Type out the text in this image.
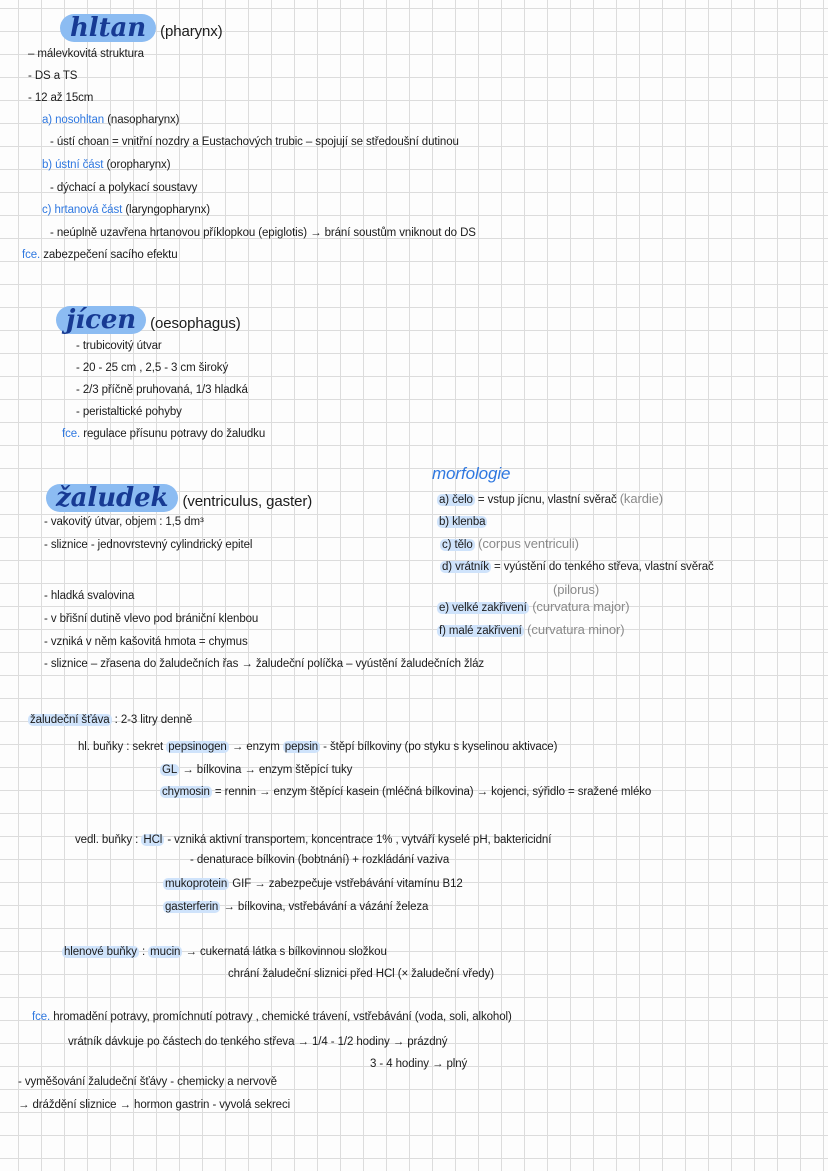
hltan (pharynx)
– málevkovitá struktura
- DS a TS
- 12 až 15cm
a) nosohltan (nasopharynx)
- ústí choan = vnitřní nozdry a Eustachových trubic – spojují se středoušní dutinou
b) ústní část (oropharynx)
- dýchací a polykací soustavy
c) hrtanová část (laryngopharynx)
- neúplně uzavřena hrtanovou příklopkou (epiglotis) → brání soustům vniknout do DS
fce. zabezpečení sacího efektu
jícen (oesophagus)
- trubicovitý útvar
- 20 - 25 cm , 2,5 - 3 cm široký
- 2/3 příčně pruhovaná, 1/3 hladká
- peristaltické pohyby
fce. regulace přísunu potravy do žaludku
morfologie
žaludek (ventriculus, gaster)
- vakovitý útvar, objem : 1,5 dm³
- sliznice - jednovrstevný cylindrický epitel
a) čelo = vstup jícnu, vlastní svěrač (kardie)
b) klenba
c) tělo (corpus ventriculi)
d) vrátník = vyústění do tenkého střeva, vlastní svěrač
(pilorus)
- hladká svalovina
- v břišní dutině vlevo pod brániční klenbou
e) velké zakřivení (curvatura major)
- vzniká v něm kašovitá hmota = chymus
f) malé zakřivení (curvatura minor)
- sliznice – zřasena do žaludečních řas → žaludeční políčka – vyústění žaludečních žláz
žaludeční šťáva : 2-3 litry denně
hl. buňky : sekret pepsinogen → enzym pepsin - štěpí bílkoviny (po styku s kyselinou aktivace)
GL → bílkovina → enzym štěpící tuky
chymosin = rennin → enzym štěpící kasein (mléčná bílkovina) → kojenci, sýřidlo = sražené mléko
vedl. buňky : HCl - vzniká aktivní transportem, koncentrace 1% , vytváří kyselé pH, baktericidní
- denaturace bílkovin (bobtnání) + rozkládání vaziva
mukoprotein GIF → zabezpečuje vstřebávání vitamínu B12
gasterferin → bílkovina, vstřebávání a vázání železa
hlenové buňky : mucin → cukernatá látka s bílkovinnou složkou
chrání žaludeční sliznici před HCl (× žaludeční vředy)
fce. hromadění potravy, promíchnutí potravy , chemické trávení, vstřebávání (voda, soli, alkohol)
vrátník dávkuje po částech do tenkého střeva → 1/4 - 1/2 hodiny → prázdný
3 - 4 hodiny → plný
- vyměšování žaludeční šťávy - chemicky a nervově
→ dráždění sliznice → hormon gastrin - vyvolá sekreci
